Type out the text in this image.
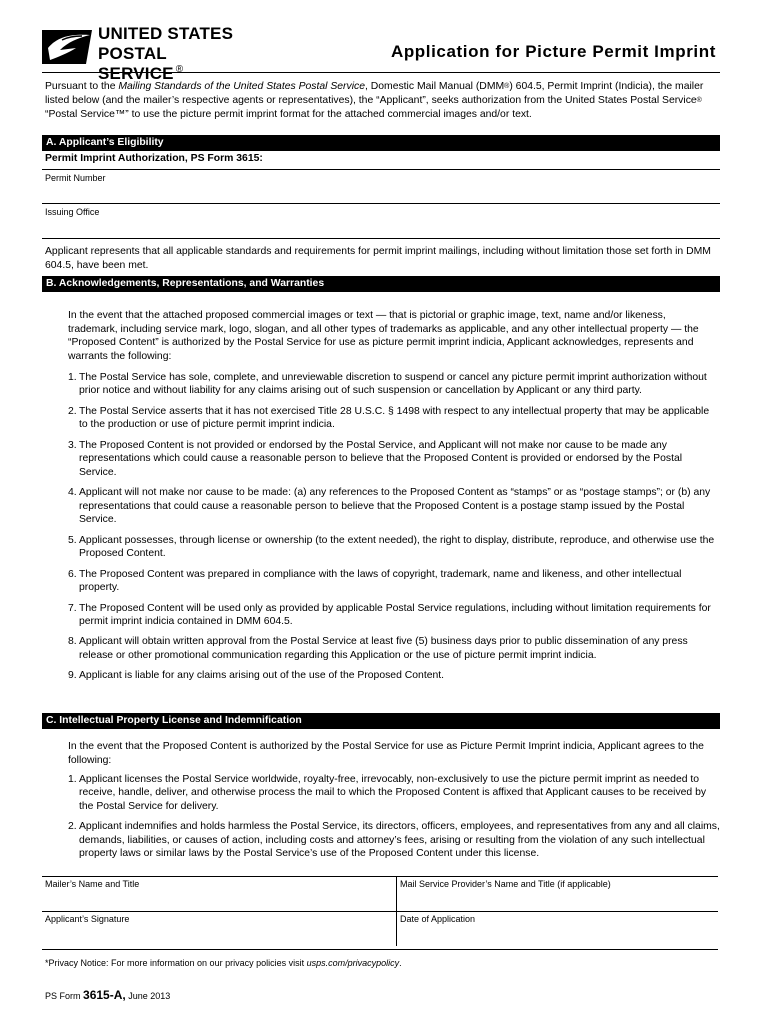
UNITED STATES
POSTAL SERVICE ®
Application for Picture Permit Imprint
Pursuant to the Mailing Standards of the United States Postal Service, Domestic Mail Manual (DMM®) 604.5, Permit Imprint (Indicia), the mailer listed below (and the mailer’s respective agents or representatives), the “Applicant”, seeks authorization from the United States Postal Service® “Postal Service™” to use the picture permit imprint format for the attached commercial images and/or text.
A. Applicant’s Eligibility
Permit Imprint Authorization, PS Form 3615:
Permit Number
Issuing Office
Applicant represents that all applicable standards and requirements for permit imprint mailings, including without limitation those set forth in DMM 604.5, have been met.
B. Acknowledgements, Representations, and Warranties
In the event that the attached proposed commercial images or text — that is pictorial or graphic image, text, name and/or likeness, trademark, including service mark, logo, slogan, and all other types of trademarks as applicable, and any other intellectual property — the “Proposed Content” is authorized by the Postal Service for use as picture permit imprint indicia, Applicant acknowledges, represents and warrants the following:
1. The Postal Service has sole, complete, and unreviewable discretion to suspend or cancel any picture permit imprint authorization without prior notice and without liability for any claims arising out of such suspension or cancellation by Applicant or any third party.
2. The Postal Service asserts that it has not exercised Title 28 U.S.C. § 1498 with respect to any intellectual property that may be applicable to the production or use of picture permit imprint indicia.
3. The Proposed Content is not provided or endorsed by the Postal Service, and Applicant will not make nor cause to be made any representations which could cause a reasonable person to believe that the Proposed Content is provided or endorsed by the Postal Service.
4. Applicant will not make nor cause to be made: (a) any references to the Proposed Content as “stamps” or as “postage stamps”; or (b) any representations that could cause a reasonable person to believe that the Proposed Content is a postage stamp issued by the Postal Service.
5. Applicant possesses, through license or ownership (to the extent needed), the right to display, distribute, reproduce, and otherwise use the Proposed Content.
6. The Proposed Content was prepared in compliance with the laws of copyright, trademark, name and likeness, and other intellectual property.
7. The Proposed Content will be used only as provided by applicable Postal Service regulations, including without limitation requirements for permit imprint indicia contained in DMM 604.5.
8. Applicant will obtain written approval from the Postal Service at least five (5) business days prior to public dissemination of any press release or other promotional communication regarding this Application or the use of picture permit imprint indicia.
9. Applicant is liable for any claims arising out of the use of the Proposed Content.
C. Intellectual Property License and Indemnification
In the event that the Proposed Content is authorized by the Postal Service for use as Picture Permit Imprint indicia, Applicant agrees to the following:
1. Applicant licenses the Postal Service worldwide, royalty-free, irrevocably, non-exclusively to use the picture permit imprint as needed to receive, handle, deliver, and otherwise process the mail to which the Proposed Content is affixed that Applicant causes to be received by the Postal Service for delivery.
2. Applicant indemnifies and holds harmless the Postal Service, its directors, officers, employees, and representatives from any and all claims, demands, liabilities, or causes of action, including costs and attorney’s fees, arising or resulting from the violation of any such intellectual property laws or similar laws by the Postal Service’s use of the Proposed Content under this license.
Mailer’s Name and Title	Mail Service Provider’s Name and Title (if applicable)
Applicant’s Signature	Date of Application
*Privacy Notice: For more information on our privacy policies visit usps.com/privacypolicy.
PS Form 3615-A, June 2013
